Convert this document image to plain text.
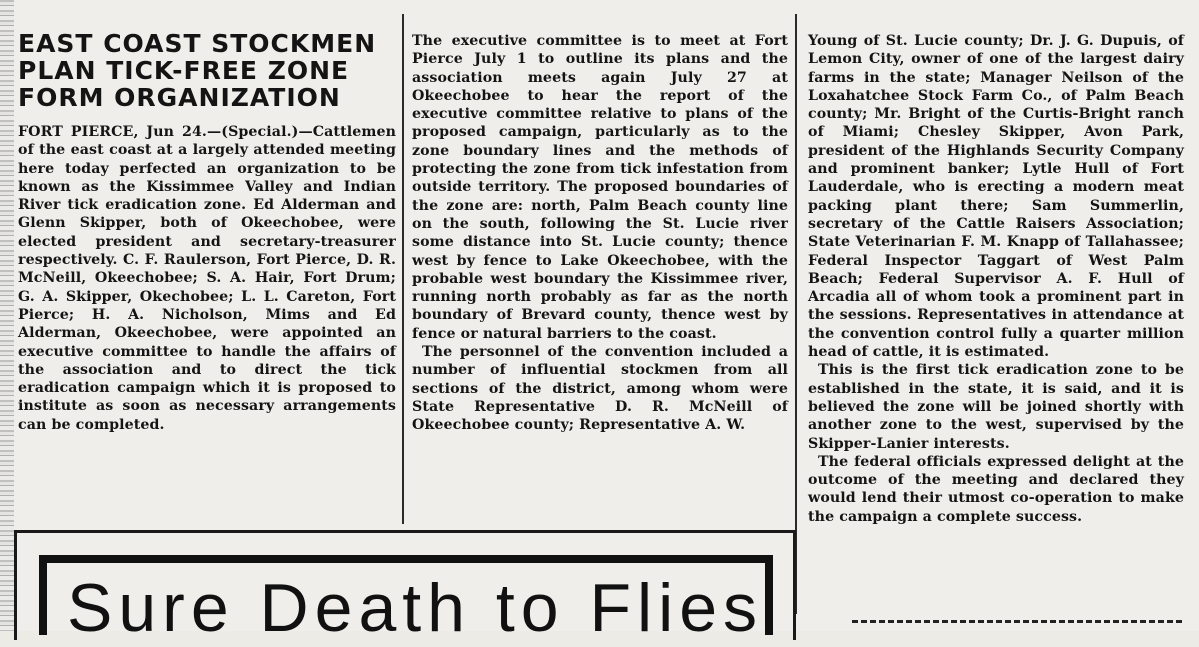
EAST COAST STOCKMEN
PLAN TICK-FREE ZONE
FORM ORGANIZATION

FORT PIERCE, Jun 24.—(Special.)—Cattlemen of the east coast at a largely attended meeting here today perfected an organization to be known as the Kissimmee Valley and Indian River tick eradication zone. Ed Alderman and Glenn Skipper, both of Okeechobee, were elected president and secretary-treasurer respectively. C. F. Raulerson, Fort Pierce, D. R. McNeill, Okeechobee; S. A. Hair, Fort Drum; G. A. Skipper, Okechobee; L. L. Careton, Fort Pierce; H. A. Nicholson, Mims and Ed Alderman, Okeechobee, were appointed an executive committee to handle the affairs of the association and to direct the tick eradication campaign which it is proposed to institute as soon as necessary arrangements can be completed.

The executive committee is to meet at Fort Pierce July 1 to outline its plans and the association meets again July 27 at Okeechobee to hear the report of the executive committee relative to plans of the proposed campaign, particularly as to the zone boundary lines and the methods of protecting the zone from tick infestation from outside territory. The proposed boundaries of the zone are: north, Palm Beach county line on the south, following the St. Lucie river some distance into St. Lucie county; thence west by fence to Lake Okeechobee, with the probable west boundary the Kissimmee river, running north probably as far as the north boundary of Brevard county, thence west by fence or natural barriers to the coast.

The personnel of the convention included a number of influential stockmen from all sections of the district, among whom were State Representative D. R. McNeill of Okeechobee county; Representative A. W.

Young of St. Lucie county; Dr. J. G. Dupuis, of Lemon City, owner of one of the largest dairy farms in the state; Manager Neilson of the Loxahatchee Stock Farm Co., of Palm Beach county; Mr. Bright of the Curtis-Bright ranch of Miami; Chesley Skipper, Avon Park, president of the Highlands Security Company and prominent banker; Lytle Hull of Fort Lauderdale, who is erecting a modern meat packing plant there; Sam Summerlin, secretary of the Cattle Raisers Association; State Veterinarian F. M. Knapp of Tallahassee; Federal Inspector Taggart of West Palm Beach; Federal Supervisor A. F. Hull of Arcadia all of whom took a prominent part in the sessions. Representatives in attendance at the convention control fully a quarter million head of cattle, it is estimated.

This is the first tick eradication zone to be established in the state, it is said, and it is believed the zone will be joined shortly with another zone to the west, supervised by the Skipper-Lanier interests.

The federal officials expressed delight at the outcome of the meeting and declared they would lend their utmost co-operation to make the campaign a complete success.

Sure Death to Flies
